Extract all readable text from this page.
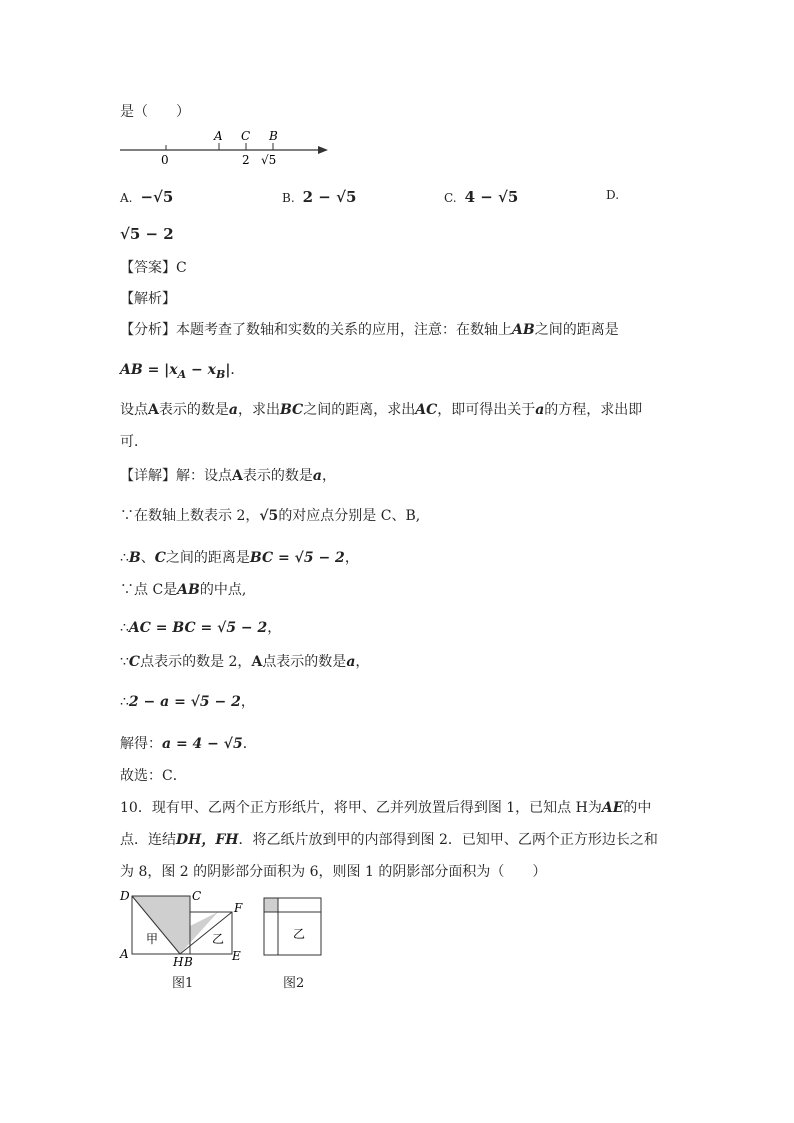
是（　　）
0	2 √5
A C B
A. −√5	B. 2 − √5	C. 4 − √5	D.
√5 − 2
【答案】C
【解析】
【分析】本题考查了数轴和实数的关系的应用，注意：在数轴上AB之间的距离是
AB = $|x_A - x_B|$．
设点A表示的数是a，求出BC之间的距离，求出AC，即可得出关于a的方程，求出即
可．
【详解】解：设点A表示的数是a，
∵在数轴上数表示 2，√5的对应点分别是 C、B,
∴B、C之间的距离是BC = √5 − 2，
∵点 C是AB的中点,
∴AC = BC = √5 − 2，
∵C点表示的数是 2，A点表示的数是a，
∴2 − a = √5 − 2，
解得：a = 4 − √5．
故选：C．
10．现有甲、乙两个正方形纸片，将甲、乙并列放置后得到图 1，已知点 H为AE的中
点．连结DH，FH．将乙纸片放到甲的内部得到图 2．已知甲、乙两个正方形边长之和
为 8，图 2 的阴影部分面积为 6，则图 1 的阴影部分面积为（　　）
D	C
F
A
H B	E
甲	乙
图1
乙
图2
